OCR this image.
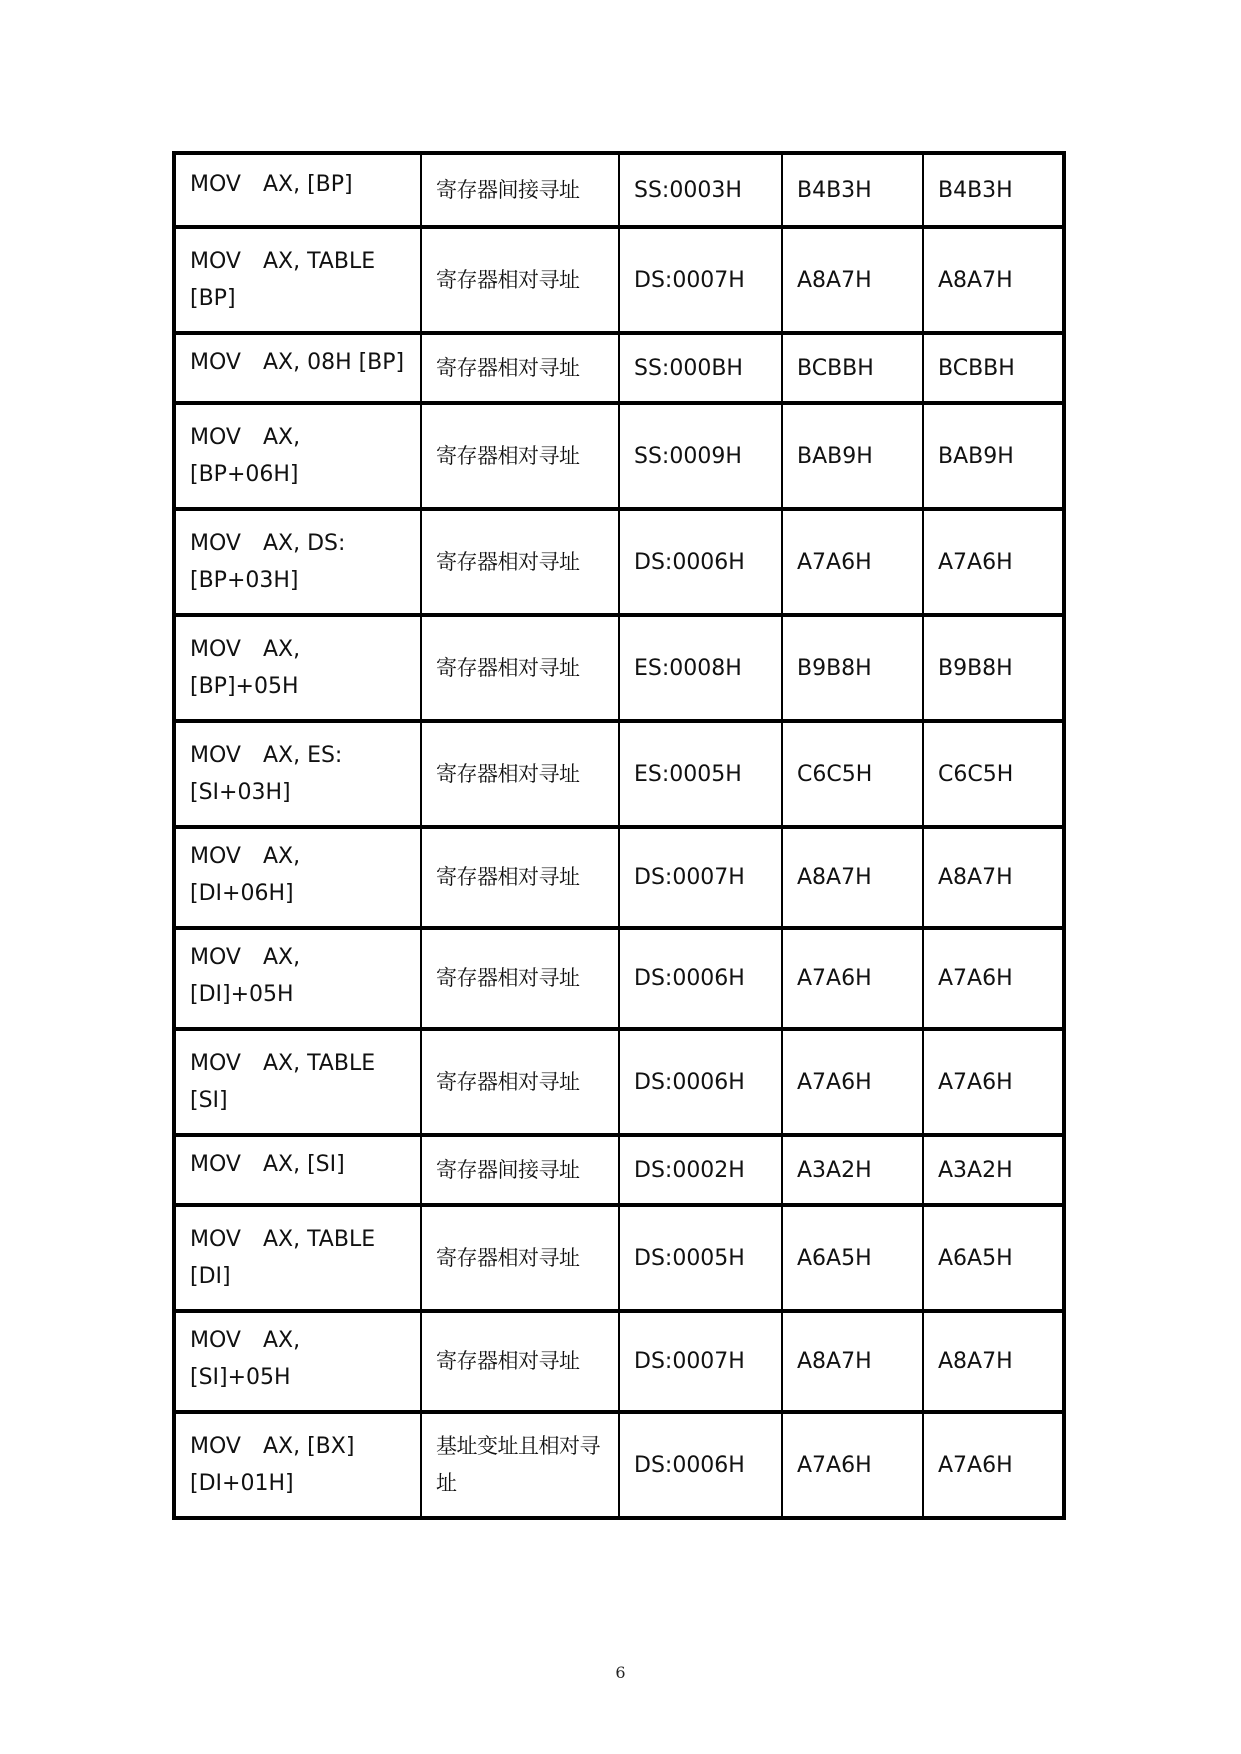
MOV　AX, [BP]	寄存器间接寻址	SS:0003H	B4B3H	B4B3H

MOV　AX, TABLE [BP]	寄存器相对寻址	DS:0007H	A8A7H	A8A7H

MOV　AX, 08H [BP]	寄存器相对寻址	SS:000BH	BCBBH	BCBBH

MOV　AX, [BP+06H]	寄存器相对寻址	SS:0009H	BAB9H	BAB9H

MOV　AX, DS:[BP+03H]	寄存器相对寻址	DS:0006H	A7A6H	A7A6H

MOV　AX, [BP]+05H	寄存器相对寻址	ES:0008H	B9B8H	B9B8H

MOV　AX, ES: [SI+03H]	寄存器相对寻址	ES:0005H	C6C5H	C6C5H

MOV　AX, [DI+06H]	寄存器相对寻址	DS:0007H	A8A7H	A8A7H

MOV　AX, [DI]+05H	寄存器相对寻址	DS:0006H	A7A6H	A7A6H

MOV　AX, TABLE [SI]	寄存器相对寻址	DS:0006H	A7A6H	A7A6H

MOV　AX, [SI]	寄存器间接寻址	DS:0002H	A3A2H	A3A2H

MOV　AX, TABLE [DI]	寄存器相对寻址	DS:0005H	A6A5H	A6A5H

MOV　AX, [SI]+05H	寄存器相对寻址	DS:0007H	A8A7H	A8A7H

MOV　AX, [BX] [DI+01H]	基址变址且相对寻址	DS:0006H	A7A6H	A7A6H
6
